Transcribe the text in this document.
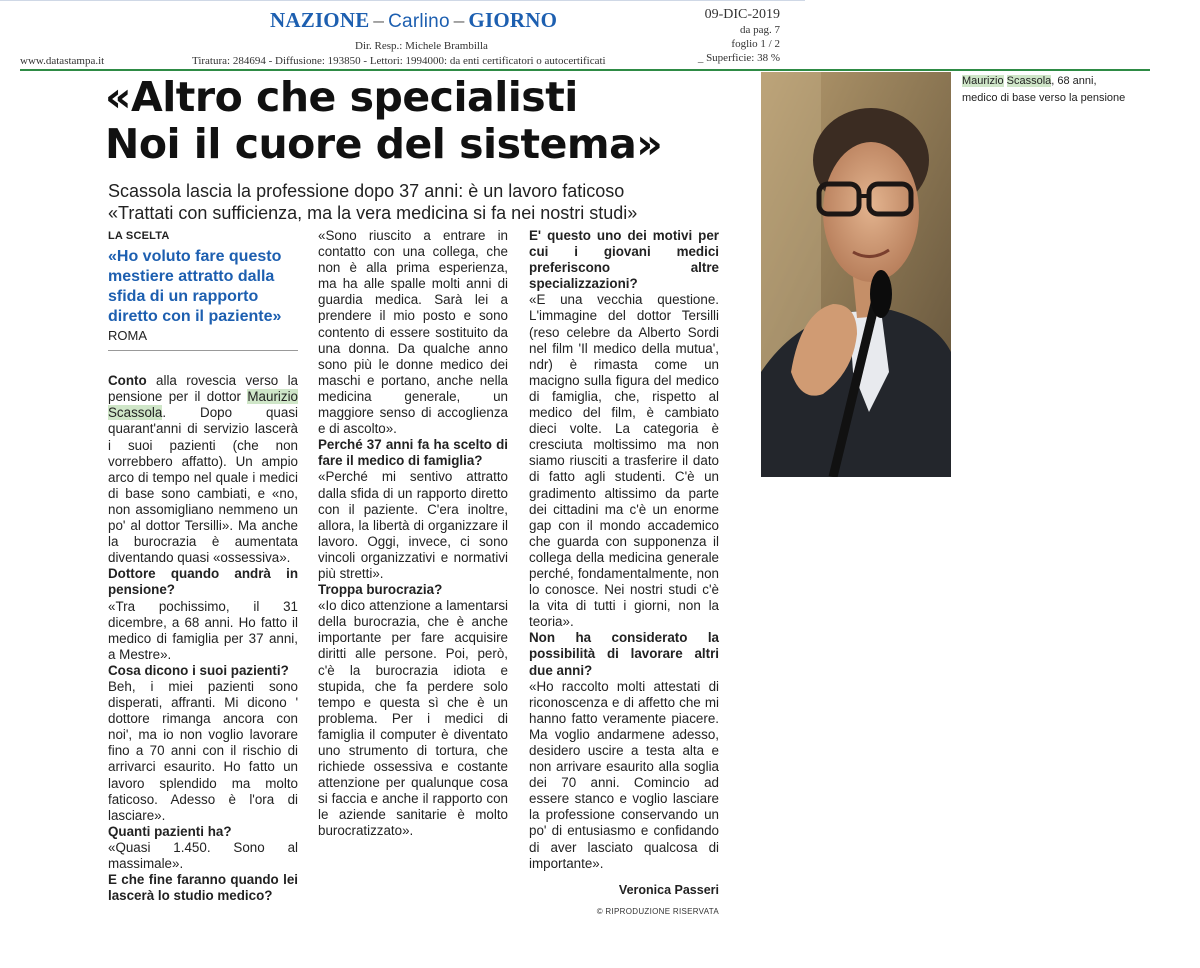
NAZIONE – Carlino – GIORNO
Dir. Resp.: Michele Brambilla
www.datastampa.it	Tiratura: 284694 - Diffusione: 193850 - Lettori: 1994000: da enti certificatori o autocertificati
09-DIC-2019
da pag. 7
foglio 1 / 2
_ Superficie: 38 %
«Altro che specialisti
Noi il cuore del sistema»
Scassola lascia la professione dopo 37 anni: è un lavoro faticoso
«Trattati con sufficienza, ma la vera medicina si fa nei nostri studi»
LA SCELTA
«Ho voluto fare questo mestiere attratto dalla sfida di un rapporto diretto con il paziente»
ROMA

Conto alla rovescia verso la pensione per il dottor Maurizio Scassola. Dopo quasi quarant'anni di servizio lascerà i suoi pazienti (che non vorrebbero affatto). Un ampio arco di tempo nel quale i medici di base sono cambiati, e «no, non assomigliano nemmeno un po' al dottor Tersilli». Ma anche la burocrazia è aumentata diventando quasi «ossessiva».

Dottore quando andrà in pensione?

«Tra pochissimo, il 31 dicembre, a 68 anni. Ho fatto il medico di famiglia per 37 anni, a Mestre».

Cosa dicono i suoi pazienti?

Beh, i miei pazienti sono disperati, affranti. Mi dicono ' dottore rimanga ancora con noi', ma io non voglio lavorare fino a 70 anni con il rischio di arrivarci esaurito. Ho fatto un lavoro splendido ma molto faticoso. Adesso è l'ora di lasciare».

Quanti pazienti ha?

«Quasi 1.450. Sono al massimale».

E che fine faranno quando lei lascerà lo studio medico?

«Sono riuscito a entrare in contatto con una collega, che non è alla prima esperienza, ma ha alle spalle molti anni di guardia medica. Sarà lei a prendere il mio posto e sono contento di essere sostituito da una donna. Da qualche anno sono più le donne medico dei maschi e portano, anche nella medicina generale, un maggiore senso di accoglienza e di ascolto».

Perché 37 anni fa ha scelto di fare il medico di famiglia?

«Perché mi sentivo attratto dalla sfida di un rapporto diretto con il paziente. C'era inoltre, allora, la libertà di organizzare il lavoro. Oggi, invece, ci sono vincoli organizzativi e normativi più stretti».

Troppa burocrazia?

«Io dico attenzione a lamentarsi della burocrazia, che è anche importante per fare acquisire diritti alle persone. Poi, però, c'è la burocrazia idiota e stupida, che fa perdere solo tempo e questa sì che è un problema. Per i medici di famiglia il computer è diventato uno strumento di tortura, che richiede ossessiva e costante attenzione per qualunque cosa si faccia e anche il rapporto con le aziende sanitarie è molto burocratizzato».

E' questo uno dei motivi per cui i giovani medici preferiscono altre specializzazioni?

«E una vecchia questione. L'immagine del dottor Tersilli (reso celebre da Alberto Sordi nel film 'Il medico della mutua', ndr) è rimasta come un macigno sulla figura del medico di famiglia, che, rispetto al medico del film, è cambiato dieci volte. La categoria è cresciuta moltissimo ma non siamo riusciti a trasferire il dato di fatto agli studenti. C'è un gradimento altissimo da parte dei cittadini ma c'è un enorme gap con il mondo accademico che guarda con supponenza il collega della medicina generale perché, fondamentalmente, non lo conosce. Nei nostri studi c'è la vita di tutti i giorni, non la teoria».

Non ha considerato la possibilità di lavorare altri due anni?

«Ho raccolto molti attestati di riconoscenza e di affetto che mi hanno fatto veramente piacere. Ma voglio andarmene adesso, desidero uscire a testa alta e non arrivare esaurito alla soglia dei 70 anni. Comincio ad essere stanco e voglio lasciare la professione conservando un po' di entusiasmo e confidando di aver lasciato qualcosa di importante».

Veronica Passeri
© RIPRODUZIONE RISERVATA
Maurizio Scassola, 68 anni,
medico di base verso la pensione
